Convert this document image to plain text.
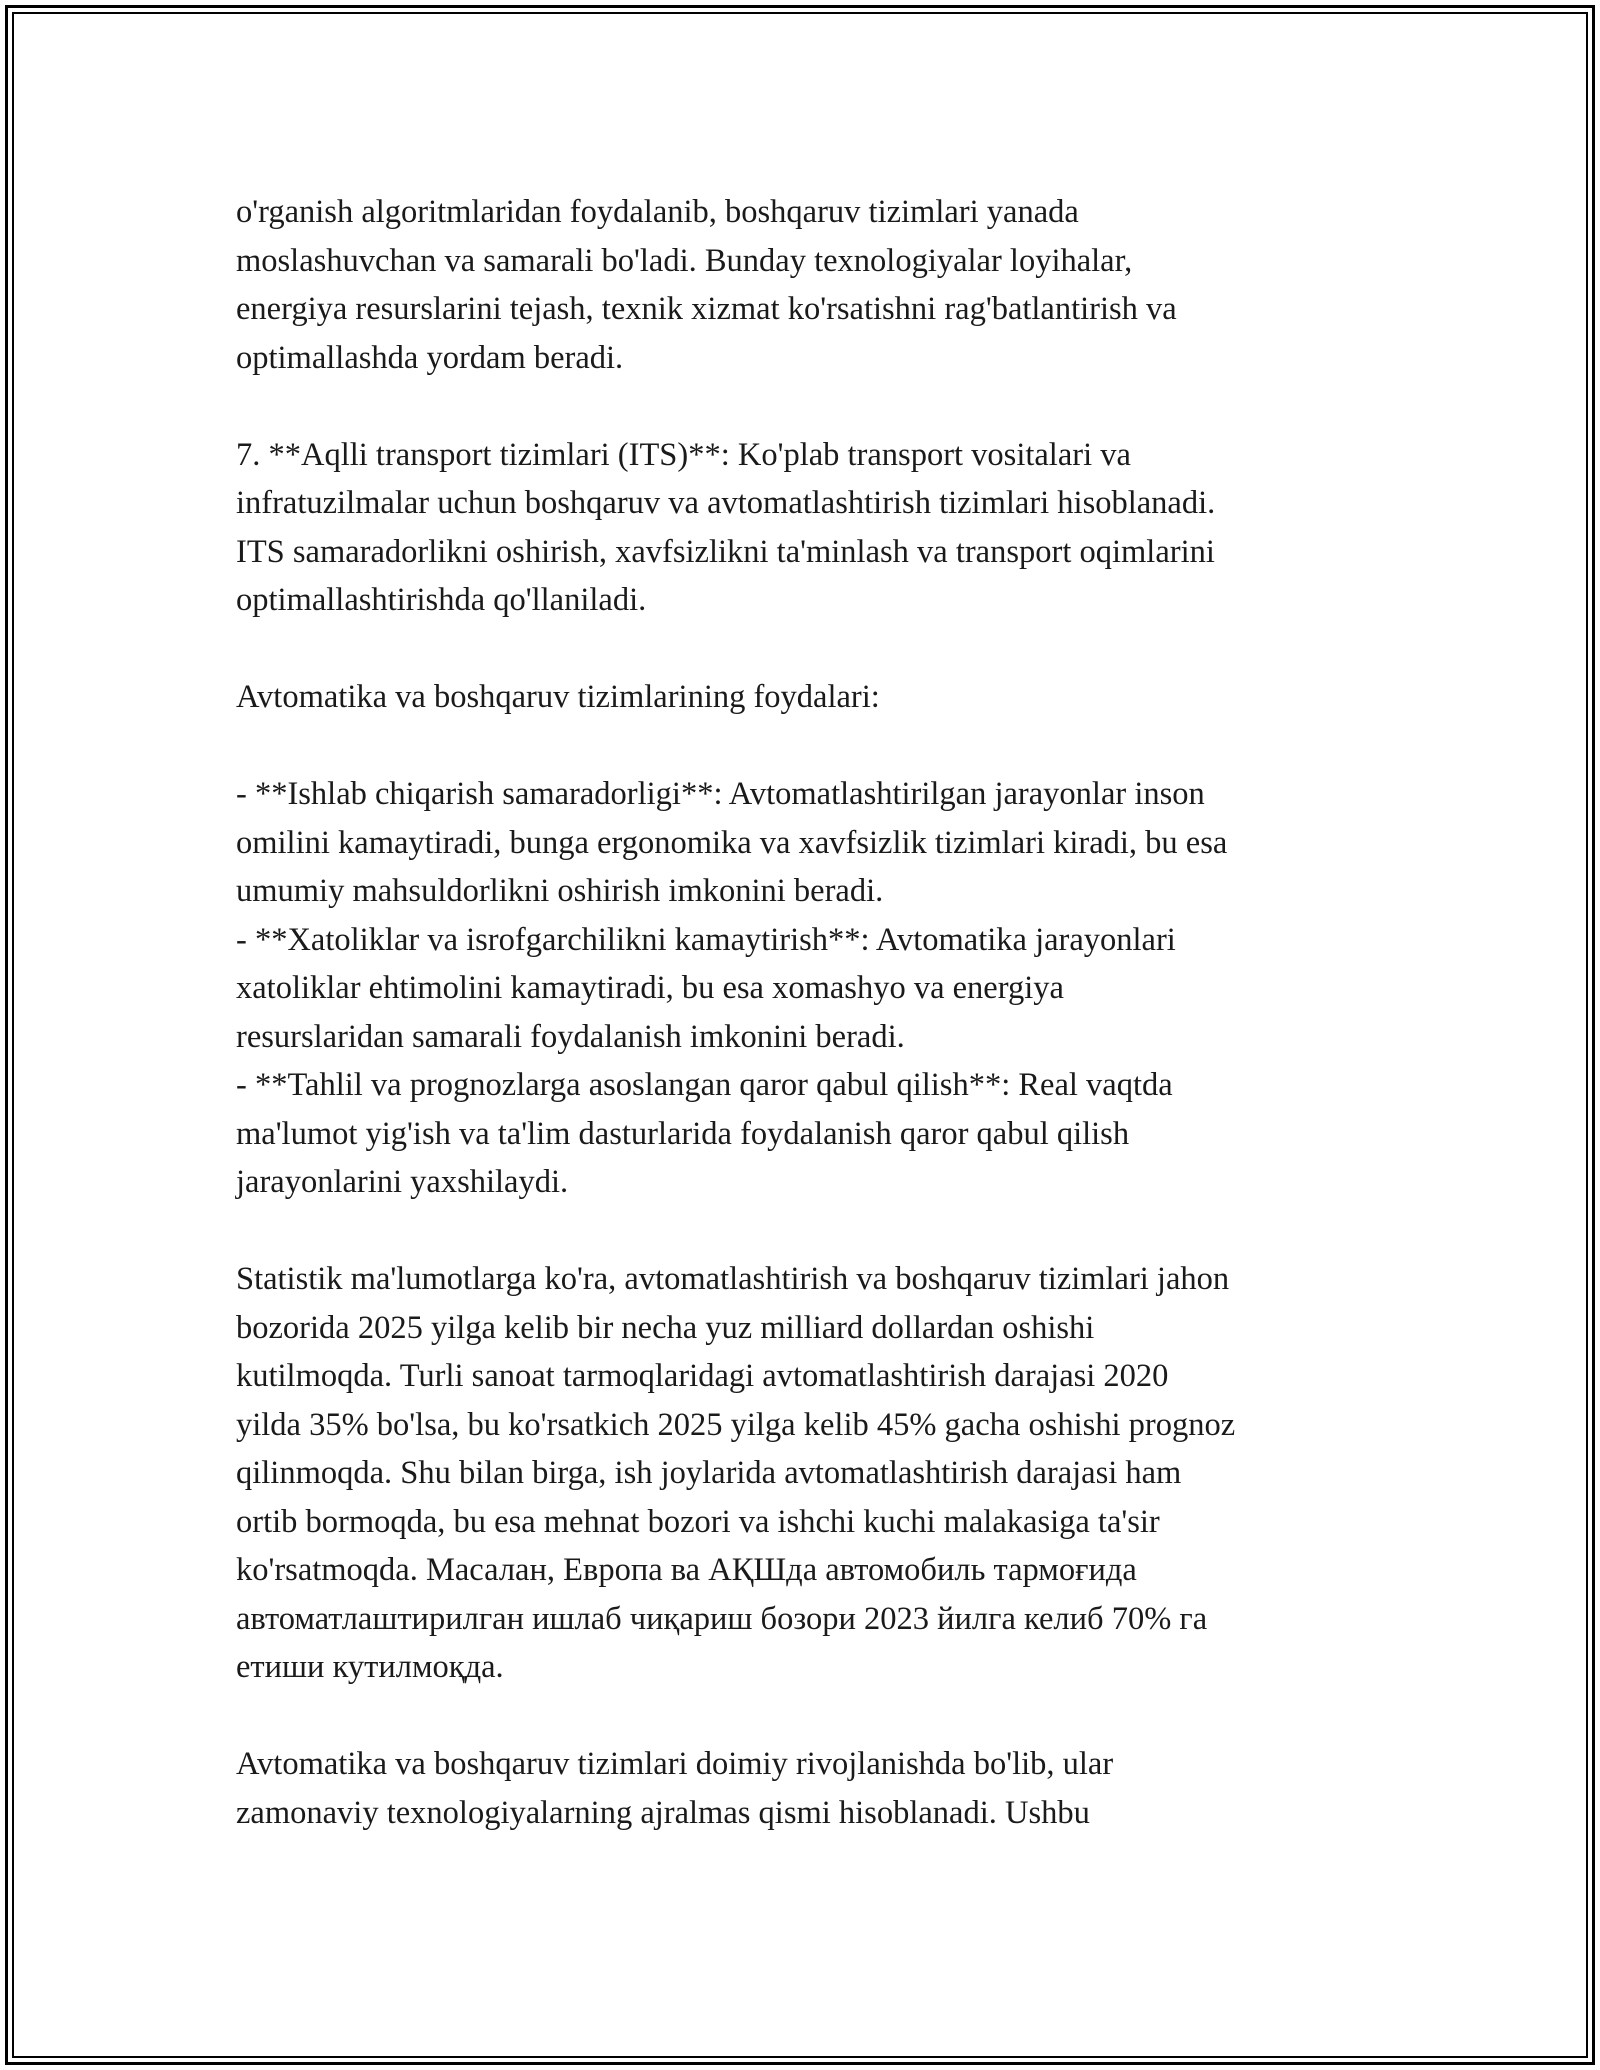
o'rganish algoritmlaridan foydalanib, boshqaruv tizimlari yanada
moslashuvchan va samarali bo'ladi. Bunday texnologiyalar loyihalar,
energiya resurslarini tejash, texnik xizmat ko'rsatishni rag'batlantirish va
optimallashda yordam beradi.
7. **Aqlli transport tizimlari (ITS)**: Ko'plab transport vositalari va
infratuzilmalar uchun boshqaruv va avtomatlashtirish tizimlari hisoblanadi.
ITS samaradorlikni oshirish, xavfsizlikni ta'minlash va transport oqimlarini
optimallashtirishda qo'llaniladi.
Avtomatika va boshqaruv tizimlarining foydalari:
- **Ishlab chiqarish samaradorligi**: Avtomatlashtirilgan jarayonlar inson
omilini kamaytiradi, bunga ergonomika va xavfsizlik tizimlari kiradi, bu esa
umumiy mahsuldorlikni oshirish imkonini beradi.
- **Xatoliklar va isrofgarchilikni kamaytirish**: Avtomatika jarayonlari
xatoliklar ehtimolini kamaytiradi, bu esa xomashyo va energiya
resurslaridan samarali foydalanish imkonini beradi.
- **Tahlil va prognozlarga asoslangan qaror qabul qilish**: Real vaqtda
ma'lumot yig'ish va ta'lim dasturlarida foydalanish qaror qabul qilish
jarayonlarini yaxshilaydi.
Statistik ma'lumotlarga ko'ra, avtomatlashtirish va boshqaruv tizimlari jahon
bozorida 2025 yilga kelib bir necha yuz milliard dollardan oshishi
kutilmoqda. Turli sanoat tarmoqlaridagi avtomatlashtirish darajasi 2020
yilda 35% bo'lsa, bu ko'rsatkich 2025 yilga kelib 45% gacha oshishi prognoz
qilinmoqda. Shu bilan birga, ish joylarida avtomatlashtirish darajasi ham
ortib bormoqda, bu esa mehnat bozori va ishchi kuchi malakasiga ta'sir
ko'rsatmoqda. Масалан, Европа ва АҚШда автомобиль тармоғида
автоматлаштирилган ишлаб чиқариш бозори 2023 йилга келиб 70% га
етиши кутилмоқда.
Avtomatika va boshqaruv tizimlari doimiy rivojlanishda bo'lib, ular
zamonaviy texnologiyalarning ajralmas qismi hisoblanadi. Ushbu
